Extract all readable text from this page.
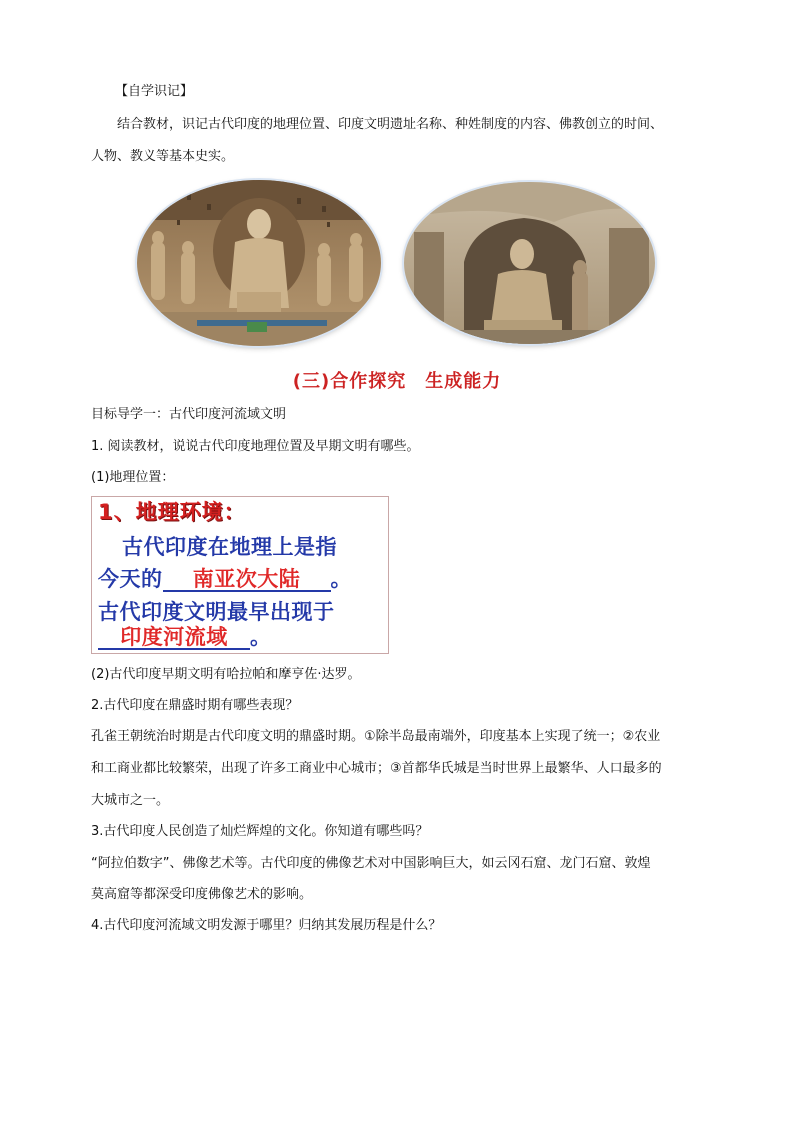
【自学识记】
结合教材，识记古代印度的地理位置、印度文明遗址名称、种姓制度的内容、佛教创立的时间、
人物、教义等基本史实。
(三)合作探究　生成能力
目标导学一：古代印度河流域文明
1. 阅读教材，说说古代印度地理位置及早期文明有哪些。
(1)地理位置：
1、地理环境：
古代印度在地理上是指
今天的 南亚次大陆 。
古代印度文明最早出现于
印度河流域 。
(2)古代印度早期文明有哈拉帕和摩亨佐·达罗。
2.古代印度在鼎盛时期有哪些表现？
孔雀王朝统治时期是古代印度文明的鼎盛时期。①除半岛最南端外，印度基本上实现了统一；②农业
和工商业都比较繁荣，出现了许多工商业中心城市；③首都华氏城是当时世界上最繁华、人口最多的
大城市之一。
3.古代印度人民创造了灿烂辉煌的文化。你知道有哪些吗？
“阿拉伯数字”、佛像艺术等。古代印度的佛像艺术对中国影响巨大，如云冈石窟、龙门石窟、敦煌
莫高窟等都深受印度佛像艺术的影响。
4.古代印度河流域文明发源于哪里？归纳其发展历程是什么？
